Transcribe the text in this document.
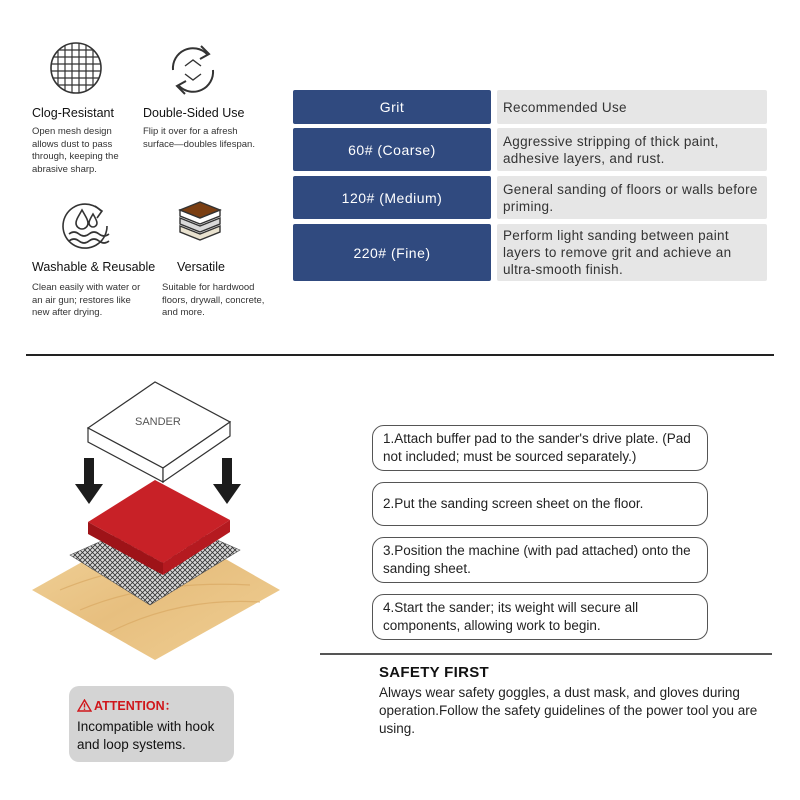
Clog-Resistant
Open mesh design allows dust to pass through, keeping the abrasive sharp.
Double-Sided Use
Flip it over for a afresh surface—doubles lifespan.
Washable & Reusable
Clean easily with water or an air gun; restores like new after drying.
Versatile
Suitable for hardwood floors, drywall, concrete, and more.
Grit	Recommended Use
60# (Coarse)
Aggressive stripping of thick paint, adhesive layers, and rust.
120# (Medium)
General sanding of floors or walls before priming.
220# (Fine)
Perform light sanding between paint layers to remove grit and achieve an ultra-smooth finish.
SANDER
1.Attach buffer pad to the sander's drive plate. (Pad not included; must be sourced separately.)
2.Put the sanding screen sheet on the floor.
3.Position the machine (with pad attached) onto the sanding sheet.
4.Start the sander; its weight will secure all components, allowing work to begin.
SAFETY FIRST
Always wear safety goggles, a dust mask, and gloves during operation.Follow the safety guidelines of the power tool you are using.
ATTENTION：
Incompatible with hook and loop systems.
